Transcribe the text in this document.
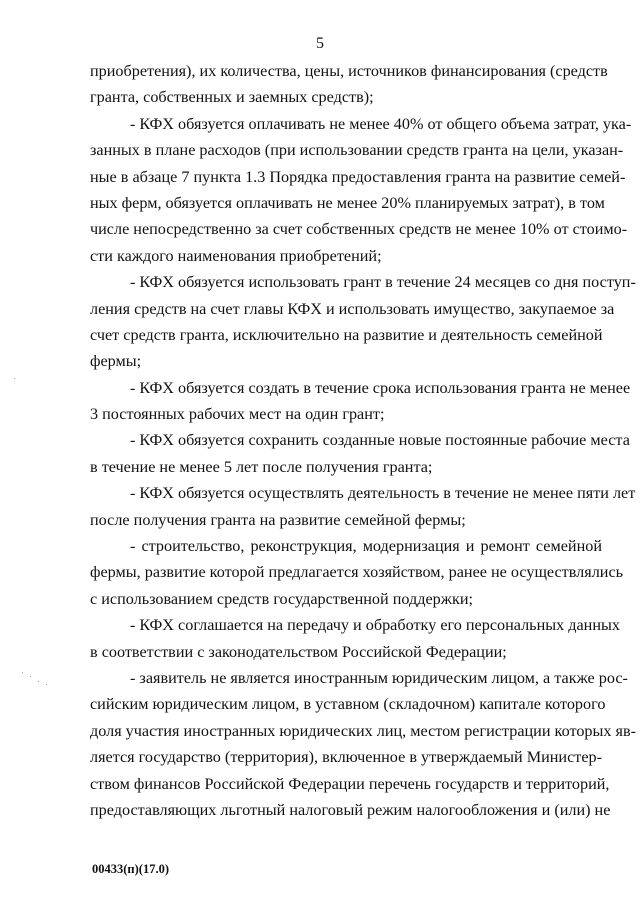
5
приобретения), их количества, цены, источников финансирования (средств
гранта, собственных и заемных средств);
- КФХ обязуется оплачивать не менее 40% от общего объема затрат, ука-
занных в плане расходов (при использовании средств гранта на цели, указан-
ные в абзаце 7 пункта 1.3 Порядка предоставления гранта на развитие семей-
ных ферм, обязуется оплачивать не менее 20% планируемых затрат), в том
числе непосредственно за счет собственных средств не менее 10% от стоимо-
сти каждого наименования приобретений;
- КФХ обязуется использовать грант в течение 24 месяцев со дня поступ-
ления средств на счет главы КФХ и использовать имущество, закупаемое за
счет средств гранта, исключительно на развитие и деятельность семейной
фермы;
- КФХ обязуется создать в течение срока использования гранта не менее
3 постоянных рабочих мест на один грант;
- КФХ обязуется сохранить созданные новые постоянные рабочие места
в течение не менее 5 лет после получения гранта;
- КФХ обязуется осуществлять деятельность в течение не менее пяти лет
после получения гранта на развитие семейной фермы;
- строительство, реконструкция, модернизация и ремонт семейной
фермы, развитие которой предлагается хозяйством, ранее не осуществлялись
с использованием средств государственной поддержки;
- КФХ соглашается на передачу и обработку его персональных данных
в соответствии с законодательством Российской Федерации;
- заявитель не является иностранным юридическим лицом, а также рос-
сийским юридическим лицом, в уставном (складочном) капитале которого
доля участия иностранных юридических лиц, местом регистрации которых яв-
ляется государство (территория), включенное в утверждаемый Министер-
ством финансов Российской Федерации перечень государств и территорий,
предоставляющих льготный налоговый режим налогообложения и (или) не
00433(п)(17.0)
